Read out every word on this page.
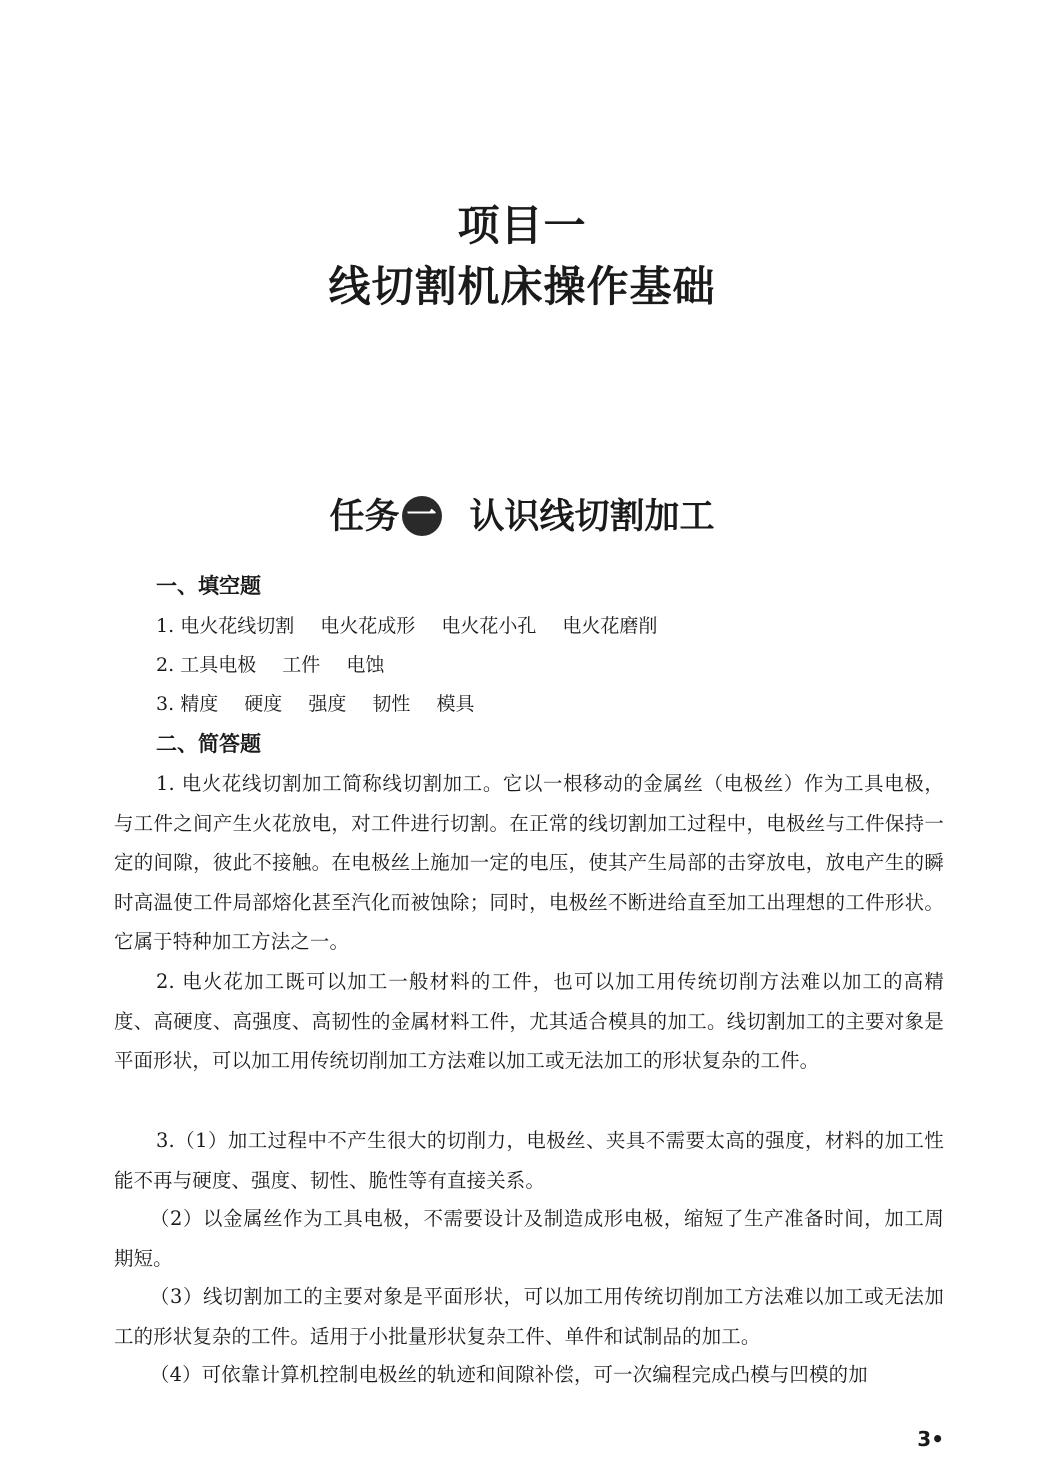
项目一
线切割机床操作基础
任务 一 认识线切割加工
一、填空题
1. 电火花线切割 电火花成形 电火花小孔 电火花磨削
2. 工具电极 工件 电蚀
3. 精度 硬度 强度 韧性 模具
二、简答题
1. 电火花线切割加工简称线切割加工。它以一根移动的金属丝（电极丝）作为工具电极，与工件之间产生火花放电，对工件进行切割。在正常的线切割加工过程中，电极丝与工件保持一定的间隙，彼此不接触。在电极丝上施加一定的电压，使其产生局部的击穿放电，放电产生的瞬时高温使工件局部熔化甚至汽化而被蚀除；同时，电极丝不断进给直至加工出理想的工件形状。它属于特种加工方法之一。
2. 电火花加工既可以加工一般材料的工件，也可以加工用传统切削方法难以加工的高精度、高硬度、高强度、高韧性的金属材料工件，尤其适合模具的加工。线切割加工的主要对象是平面形状，可以加工用传统切削加工方法难以加工或无法加工的形状复杂的工件。
3.（1）加工过程中不产生很大的切削力，电极丝、夹具不需要太高的强度，材料的加工性能不再与硬度、强度、韧性、脆性等有直接关系。
（2）以金属丝作为工具电极，不需要设计及制造成形电极，缩短了生产准备时间，加工周期短。
（3）线切割加工的主要对象是平面形状，可以加工用传统切削加工方法难以加工或无法加工的形状复杂的工件。适用于小批量形状复杂工件、单件和试制品的加工。
（4）可依靠计算机控制电极丝的轨迹和间隙补偿，可一次编程完成凸模与凹模的加
3•
